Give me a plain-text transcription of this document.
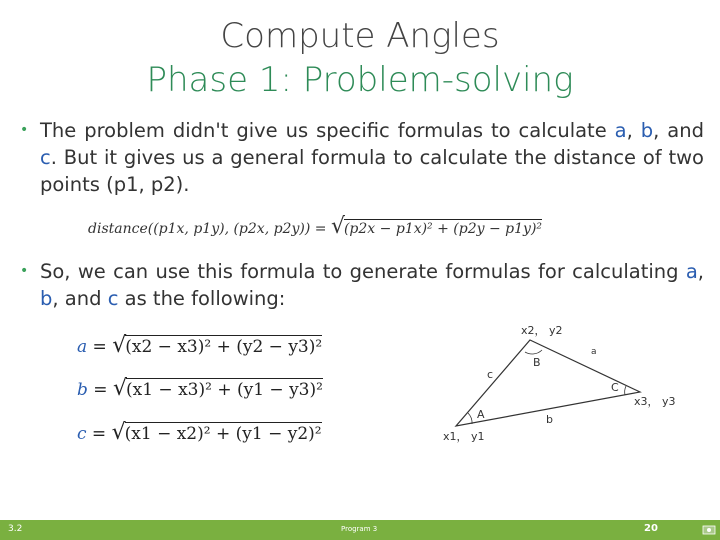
Compute Angles
Phase 1: Problem-solving
• The problem didn't give us specific formulas to calculate a, b, and c. But it gives us a general formula to calculate the distance of two points (p1, p2).
distance((p1x, p1y), (p2x, p2y)) = √(p2x − p1x)² + (p2y − p1y)²
• So, we can use this formula to generate formulas for calculating a, b, and c as the following:
a = √(x2 − x3)² + (y2 − y3)²
b = √(x1 − x3)² + (y1 − y3)²
c = √(x1 − x2)² + (y1 − y2)²
x2， y2
x3， y3
x1， y1
B
C
A
a
b
c
3.2	Program 3	20
